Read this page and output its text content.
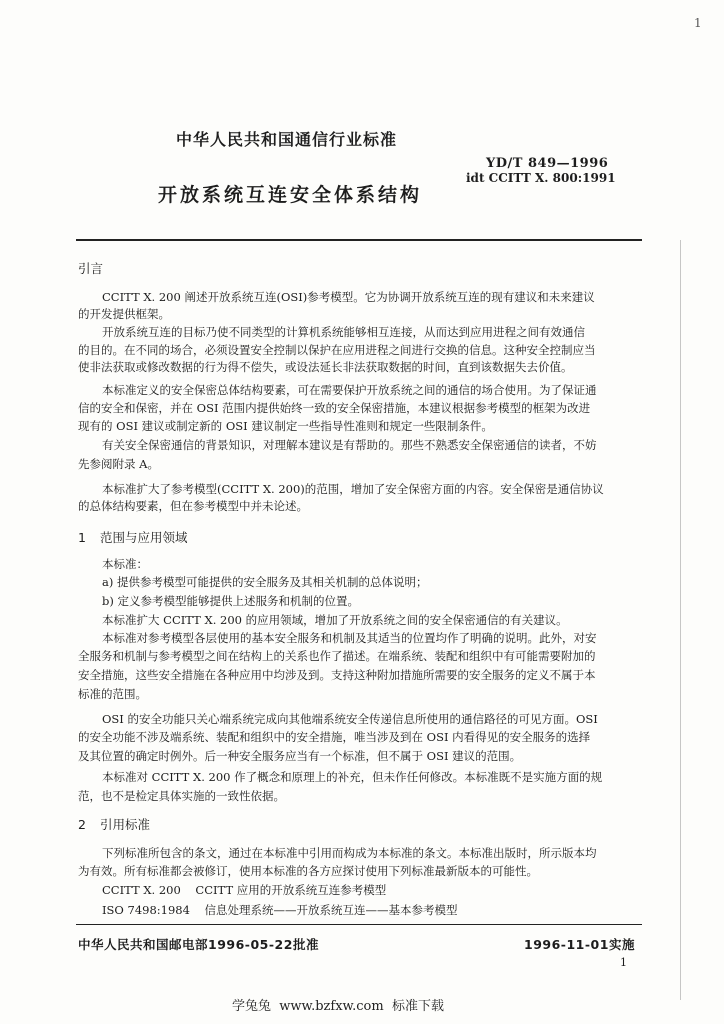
1
中华人民共和国通信行业标准
YD/T 849—1996
idt CCITT X. 800:1991
开放系统互连安全体系结构
引言
CCITT X. 200 阐述开放系统互连(OSI)参考模型。它为协调开放系统互连的现有建议和未来建议
的开发提供框架。
开放系统互连的目标乃使不同类型的计算机系统能够相互连接，从而达到应用进程之间有效通信
的目的。在不同的场合，必须设置安全控制以保护在应用进程之间进行交换的信息。这种安全控制应当
使非法获取或修改数据的行为得不偿失，或设法延长非法获取数据的时间，直到该数据失去价值。
本标准定义的安全保密总体结构要素，可在需要保护开放系统之间的通信的场合使用。为了保证通
信的安全和保密，并在 OSI 范围内提供始终一致的安全保密措施，本建议根据参考模型的框架为改进
现有的 OSI 建议或制定新的 OSI 建议制定一些指导性准则和规定一些限制条件。
有关安全保密通信的背景知识，对理解本建议是有帮助的。那些不熟悉安全保密通信的读者，不妨
先参阅附录 A。
本标准扩大了参考模型(CCITT X. 200)的范围，增加了安全保密方面的内容。安全保密是通信协议
的总体结构要素，但在参考模型中并未论述。
1 范围与应用领域
本标准：
a) 提供参考模型可能提供的安全服务及其相关机制的总体说明；
b) 定义参考模型能够提供上述服务和机制的位置。
本标准扩大 CCITT X. 200 的应用领域，增加了开放系统之间的安全保密通信的有关建议。
本标准对参考模型各层使用的基本安全服务和机制及其适当的位置均作了明确的说明。此外，对安
全服务和机制与参考模型之间在结构上的关系也作了描述。在端系统、装配和组织中有可能需要附加的
安全措施，这些安全措施在各种应用中均涉及到。支持这种附加措施所需要的安全服务的定义不属于本
标准的范围。
OSI 的安全功能只关心端系统完成向其他端系统安全传递信息所使用的通信路径的可见方面。OSI
的安全功能不涉及端系统、装配和组织中的安全措施，唯当涉及到在 OSI 内看得见的安全服务的选择
及其位置的确定时例外。后一种安全服务应当有一个标准，但不属于 OSI 建议的范围。
本标准对 CCITT X. 200 作了概念和原理上的补充，但未作任何修改。本标准既不是实施方面的规
范，也不是检定具体实施的一致性依据。
2 引用标准
下列标准所包含的条文，通过在本标准中引用而构成为本标准的条文。本标准出版时，所示版本均
为有效。所有标准都会被修订，使用本标准的各方应探讨使用下列标准最新版本的可能性。
CCITT X. 200    CCITT 应用的开放系统互连参考模型
ISO 7498:1984    信息处理系统——开放系统互连——基本参考模型
中华人民共和国邮电部1996-05-22批准	1996-11-01实施
1
学兔兔  www.bzfxw.com  标准下载
